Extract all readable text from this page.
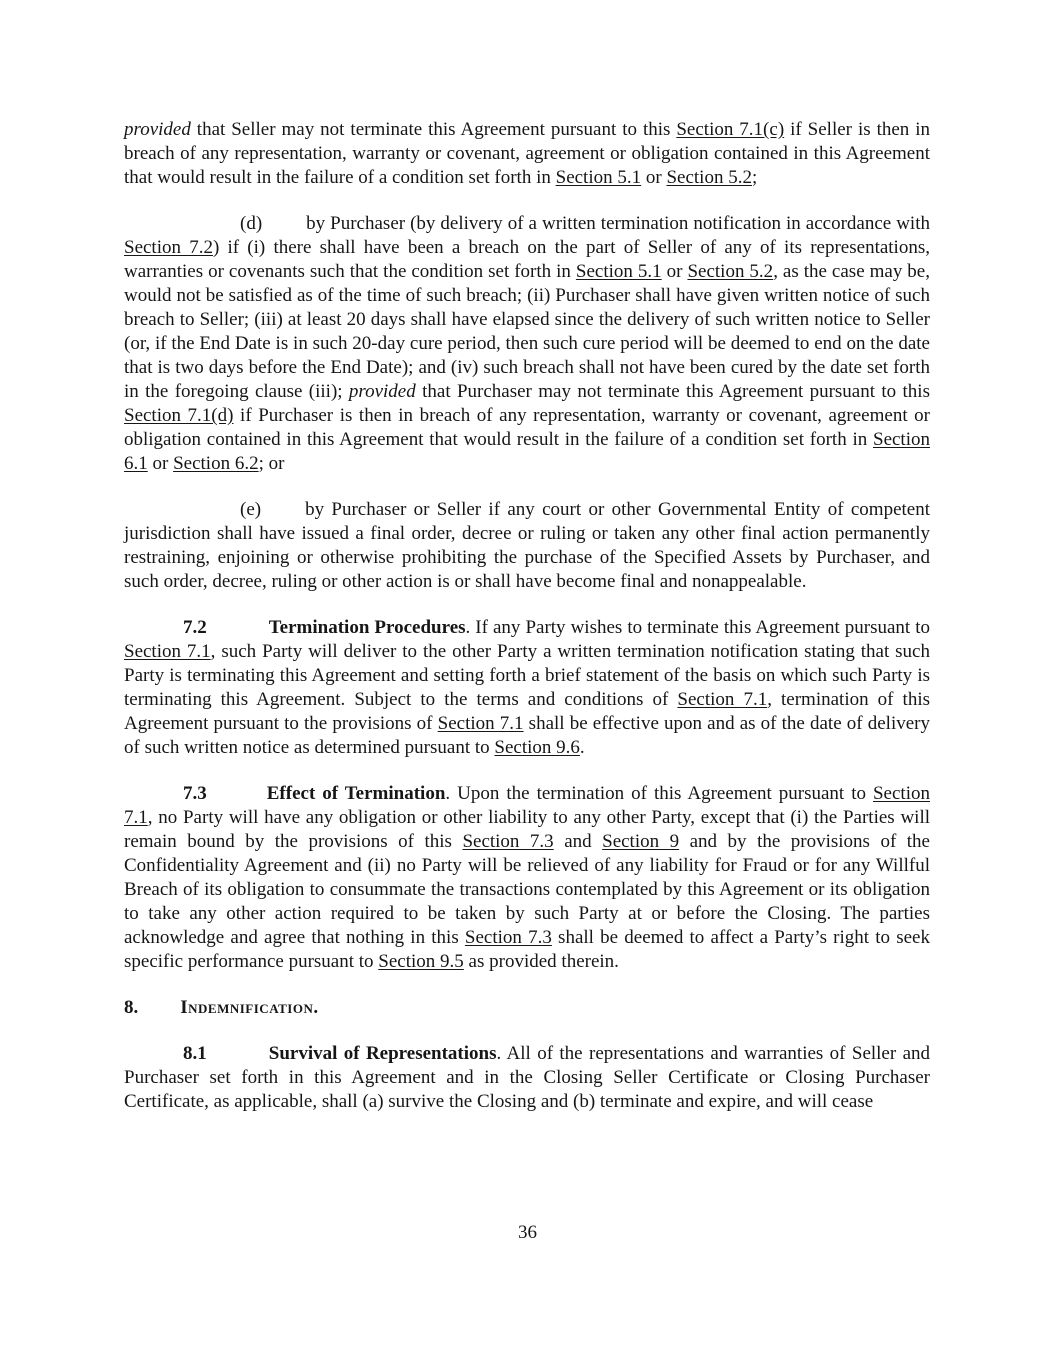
provided that Seller may not terminate this Agreement pursuant to this Section 7.1(c) if Seller is then in breach of any representation, warranty or covenant, agreement or obligation contained in this Agreement that would result in the failure of a condition set forth in Section 5.1 or Section 5.2;

(d) by Purchaser (by delivery of a written termination notification in accordance with Section 7.2) if (i) there shall have been a breach on the part of Seller of any of its representations, warranties or covenants such that the condition set forth in Section 5.1 or Section 5.2, as the case may be, would not be satisfied as of the time of such breach; (ii) Purchaser shall have given written notice of such breach to Seller; (iii) at least 20 days shall have elapsed since the delivery of such written notice to Seller (or, if the End Date is in such 20-day cure period, then such cure period will be deemed to end on the date that is two days before the End Date); and (iv) such breach shall not have been cured by the date set forth in the foregoing clause (iii); provided that Purchaser may not terminate this Agreement pursuant to this Section 7.1(d) if Purchaser is then in breach of any representation, warranty or covenant, agreement or obligation contained in this Agreement that would result in the failure of a condition set forth in Section 6.1 or Section 6.2; or

(e) by Purchaser or Seller if any court or other Governmental Entity of competent jurisdiction shall have issued a final order, decree or ruling or taken any other final action permanently restraining, enjoining or otherwise prohibiting the purchase of the Specified Assets by Purchaser, and such order, decree, ruling or other action is or shall have become final and nonappealable.

7.2	Termination Procedures. If any Party wishes to terminate this Agreement pursuant to Section 7.1, such Party will deliver to the other Party a written termination notification stating that such Party is terminating this Agreement and setting forth a brief statement of the basis on which such Party is terminating this Agreement. Subject to the terms and conditions of Section 7.1, termination of this Agreement pursuant to the provisions of Section 7.1 shall be effective upon and as of the date of delivery of such written notice as determined pursuant to Section 9.6.

7.3	Effect of Termination. Upon the termination of this Agreement pursuant to Section 7.1, no Party will have any obligation or other liability to any other Party, except that (i) the Parties will remain bound by the provisions of this Section 7.3 and Section 9 and by the provisions of the Confidentiality Agreement and (ii) no Party will be relieved of any liability for Fraud or for any Willful Breach of its obligation to consummate the transactions contemplated by this Agreement or its obligation to take any other action required to be taken by such Party at or before the Closing. The parties acknowledge and agree that nothing in this Section 7.3 shall be deemed to affect a Party’s right to seek specific performance pursuant to Section 9.5 as provided therein.

8. Indemnification.

8.1	Survival of Representations. All of the representations and warranties of Seller and Purchaser set forth in this Agreement and in the Closing Seller Certificate or Closing Purchaser Certificate, as applicable, shall (a) survive the Closing and (b) terminate and expire, and will cease

36
